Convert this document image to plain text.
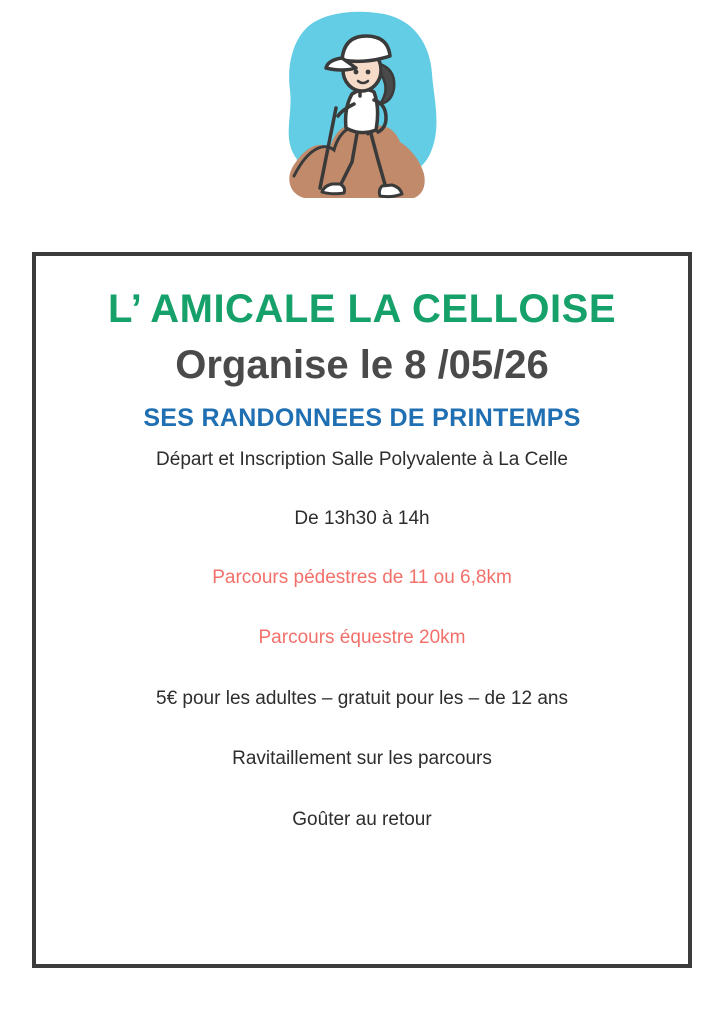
L’ AMICALE LA CELLOISE
Organise le 8 /05/26
SES RANDONNEES DE PRINTEMPS

Départ et Inscription Salle Polyvalente à La Celle

De 13h30 à 14h

Parcours pédestres de 11 ou 6,8km

Parcours équestre 20km

5€ pour les adultes – gratuit pour les – de 12 ans

Ravitaillement sur les parcours

Goûter au retour
